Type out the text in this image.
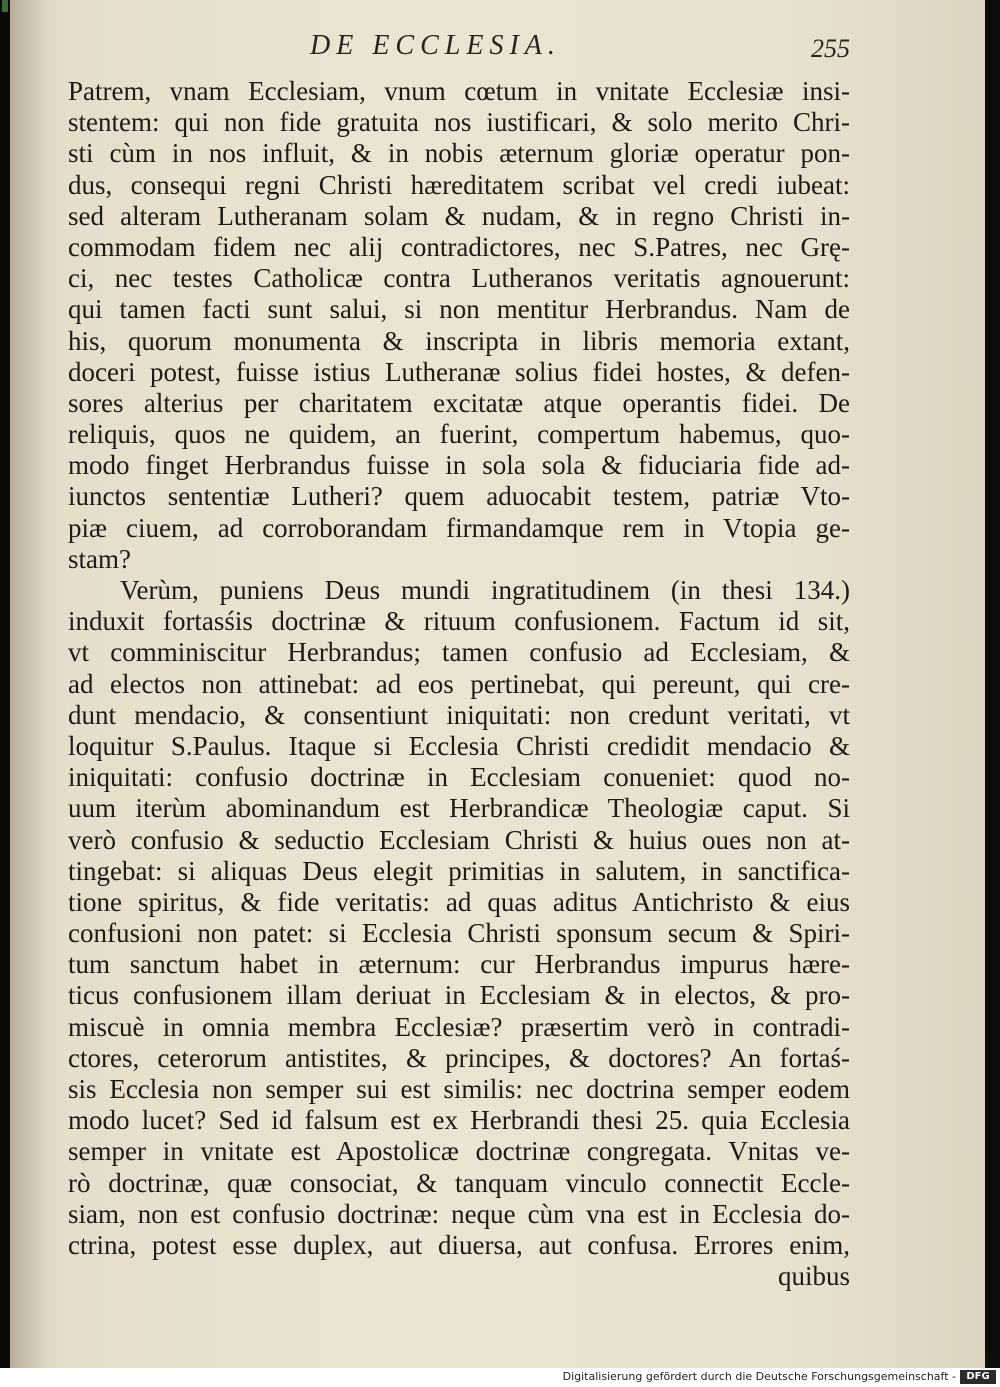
DE ECCLESIA.	255
Patrem, vnam Ecclesiam, vnum cœtum in vnitate Ecclesiæ insi-
stentem: qui non fide gratuita nos iustificari, & solo merito Chri-
sti cùm in nos influit, & in nobis æternum gloriæ operatur pon-
dus, consequi regni Christi hæreditatem scribat vel credi iubeat:
sed alteram Lutheranam solam & nudam, & in regno Christi in-
commodam fidem nec alij contradictores, nec S.Patres, nec Grę-
ci, nec testes Catholicæ contra Lutheranos veritatis agnouerunt:
qui tamen facti sunt salui, si non mentitur Herbrandus. Nam de
his, quorum monumenta & inscripta in libris memoria extant,
doceri potest, fuisse istius Lutheranæ solius fidei hostes, & defen-
sores alterius per charitatem excitatæ atque operantis fidei. De
reliquis, quos ne quidem, an fuerint, compertum habemus, quo-
modo finget Herbrandus fuisse in sola sola & fiduciaria fide ad-
iunctos sententiæ Lutheri? quem aduocabit testem, patriæ Vto-
piæ ciuem, ad corroborandam firmandamque rem in Vtopia ge-
stam?
Verùm, puniens Deus mundi ingratitudinem (in thesi 134.)
induxit fortasśis doctrinæ & rituum confusionem. Factum id sit,
vt comminiscitur Herbrandus; tamen confusio ad Ecclesiam, &
ad electos non attinebat: ad eos pertinebat, qui pereunt, qui cre-
dunt mendacio, & consentiunt iniquitati: non credunt veritati, vt
loquitur S.Paulus. Itaque si Ecclesia Christi credidit mendacio &
iniquitati: confusio doctrinæ in Ecclesiam conueniet: quod no-
uum iterùm abominandum est Herbrandicæ Theologiæ caput. Si
verò confusio & seductio Ecclesiam Christi & huius oues non at-
tingebat: si aliquas Deus elegit primitias in salutem, in sanctifica-
tione spiritus, & fide veritatis: ad quas aditus Antichristo & eius
confusioni non patet: si Ecclesia Christi sponsum secum & Spiri-
tum sanctum habet in æternum: cur Herbrandus impurus hære-
ticus confusionem illam deriuat in Ecclesiam & in electos, & pro-
miscuè in omnia membra Ecclesiæ? præsertim verò in contradi-
ctores, ceterorum antistites, & principes, & doctores? An fortaś-
sis Ecclesia non semper sui est similis: nec doctrina semper eodem
modo lucet? Sed id falsum est ex Herbrandi thesi 25. quia Ecclesia
semper in vnitate est Apostolicæ doctrinæ congregata. Vnitas ve-
rò doctrinæ, quæ consociat, & tanquam vinculo connectit Eccle-
siam, non est confusio doctrinæ: neque cùm vna est in Ecclesia do-
ctrina, potest esse duplex, aut diuersa, aut confusa. Errores enim,
quibus
Digitalisierung gefördert durch die Deutsche Forschungsgemeinschaft -	DFG
